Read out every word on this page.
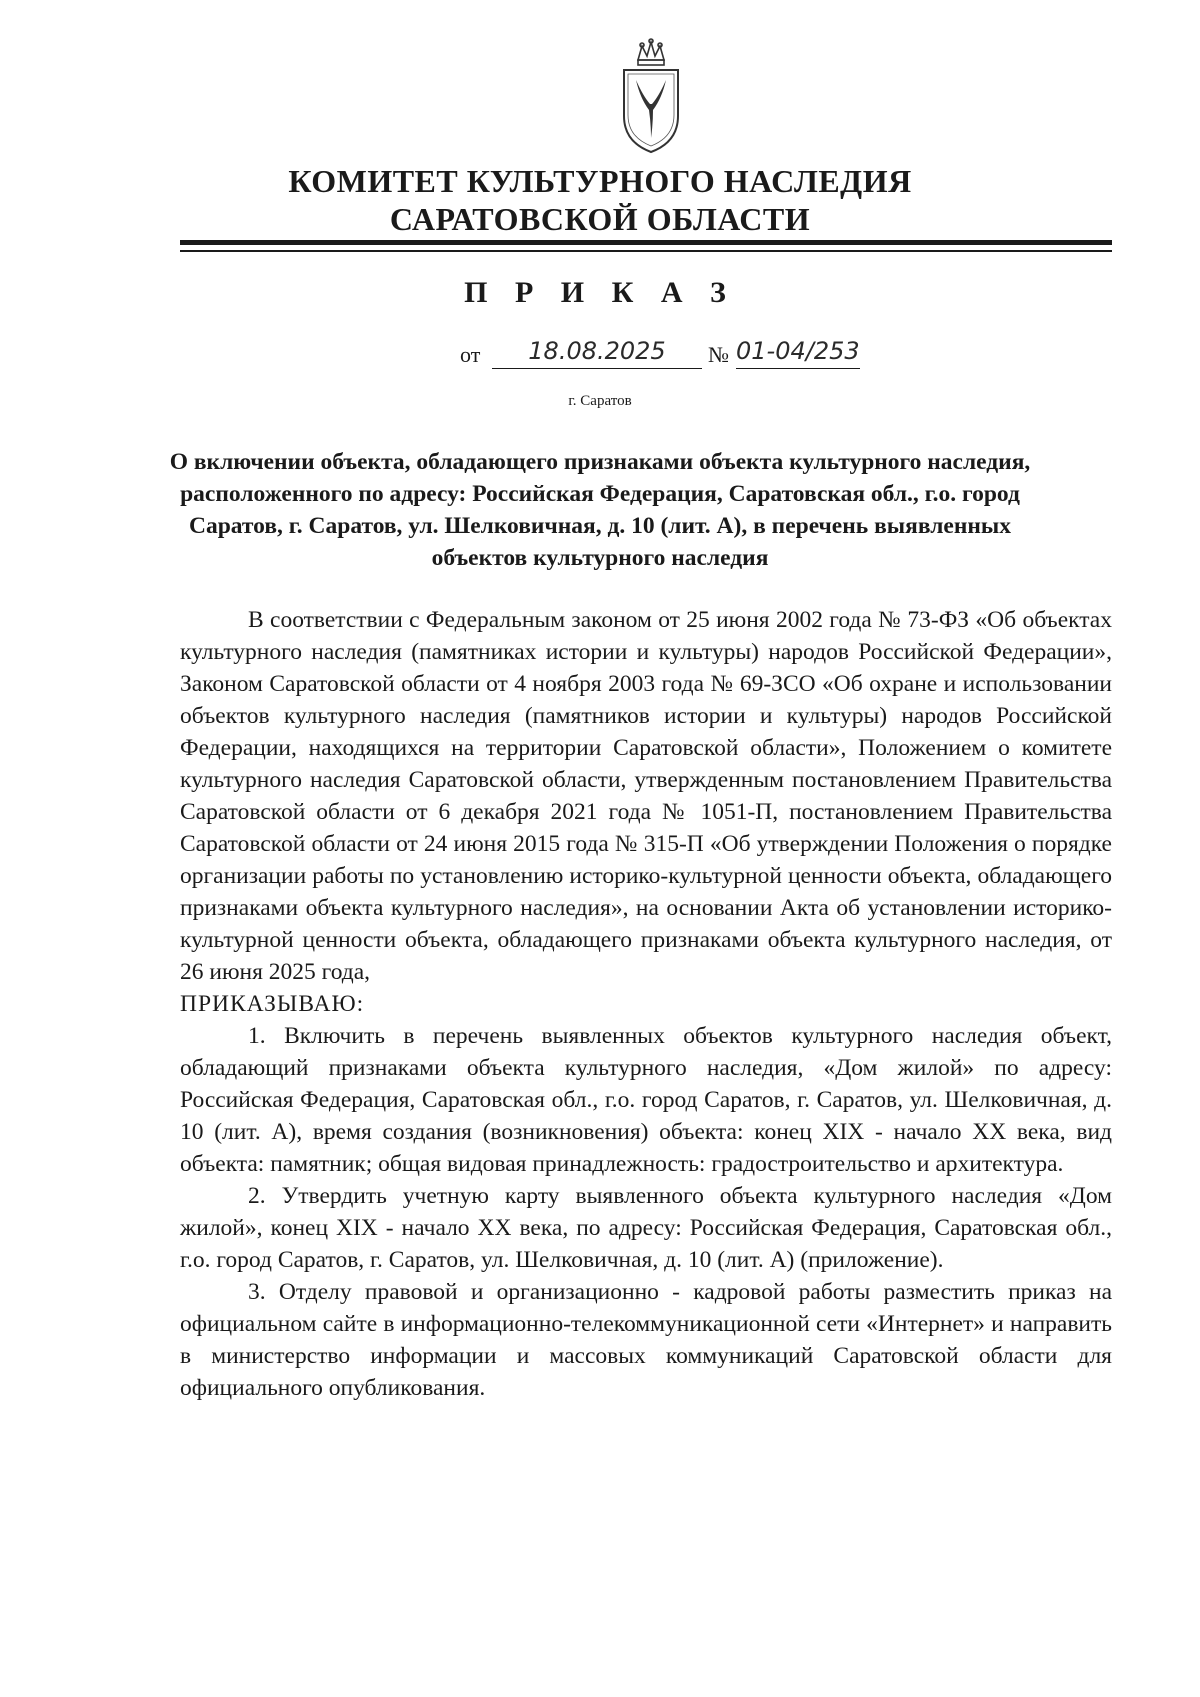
КОМИТЕТ КУЛЬТУРНОГО НАСЛЕДИЯ
САРАТОВСКОЙ ОБЛАСТИ
П Р И К А З
от	18.08.2025	№ 01-04/253
г. Саратов
О включении объекта, обладающего признаками объекта культурного наследия, расположенного по адресу: Российская Федерация, Саратовская обл., г.о. город Саратов, г. Саратов, ул. Шелковичная, д. 10 (лит. А), в перечень выявленных объектов культурного наследия

В соответствии с Федеральным законом от 25 июня 2002 года № 73-ФЗ «Об объектах культурного наследия (памятниках истории и культуры) народов Российской Федерации», Законом Саратовской области от 4 ноября 2003 года № 69-ЗСО «Об охране и использовании объектов культурного наследия (памятников истории и культуры) народов Российской Федерации, находящихся на территории Саратовской области», Положением о комитете культурного наследия Саратовской области, утвержденным постановлением Правительства Саратовской области от 6 декабря 2021 года № 1051-П, постановлением Правительства Саратовской области от 24 июня 2015 года № 315-П «Об утверждении Положения о порядке организации работы по установлению историко-культурной ценности объекта, обладающего признаками объекта культурного наследия», на основании Акта об установлении историко-культурной ценности объекта, обладающего признаками объекта культурного наследия, от 26 июня 2025 года,

ПРИКАЗЫВАЮ:

1. Включить в перечень выявленных объектов культурного наследия объект, обладающий признаками объекта культурного наследия, «Дом жилой» по адресу: Российская Федерация, Саратовская обл., г.о. город Саратов, г. Саратов, ул. Шелковичная, д. 10 (лит. А), время создания (возникновения) объекта: конец XIX - начало XX века, вид объекта: памятник; общая видовая принадлежность: градостроительство и архитектура.

2. Утвердить учетную карту выявленного объекта культурного наследия «Дом жилой», конец XIX - начало XX века, по адресу: Российская Федерация, Саратовская обл., г.о. город Саратов, г. Саратов, ул. Шелковичная, д. 10 (лит. А) (приложение).

3. Отделу правовой и организационно - кадровой работы разместить приказ на официальном сайте в информационно-телекоммуникационной сети «Интернет» и направить в министерство информации и массовых коммуникаций Саратовской области для официального опубликования.
